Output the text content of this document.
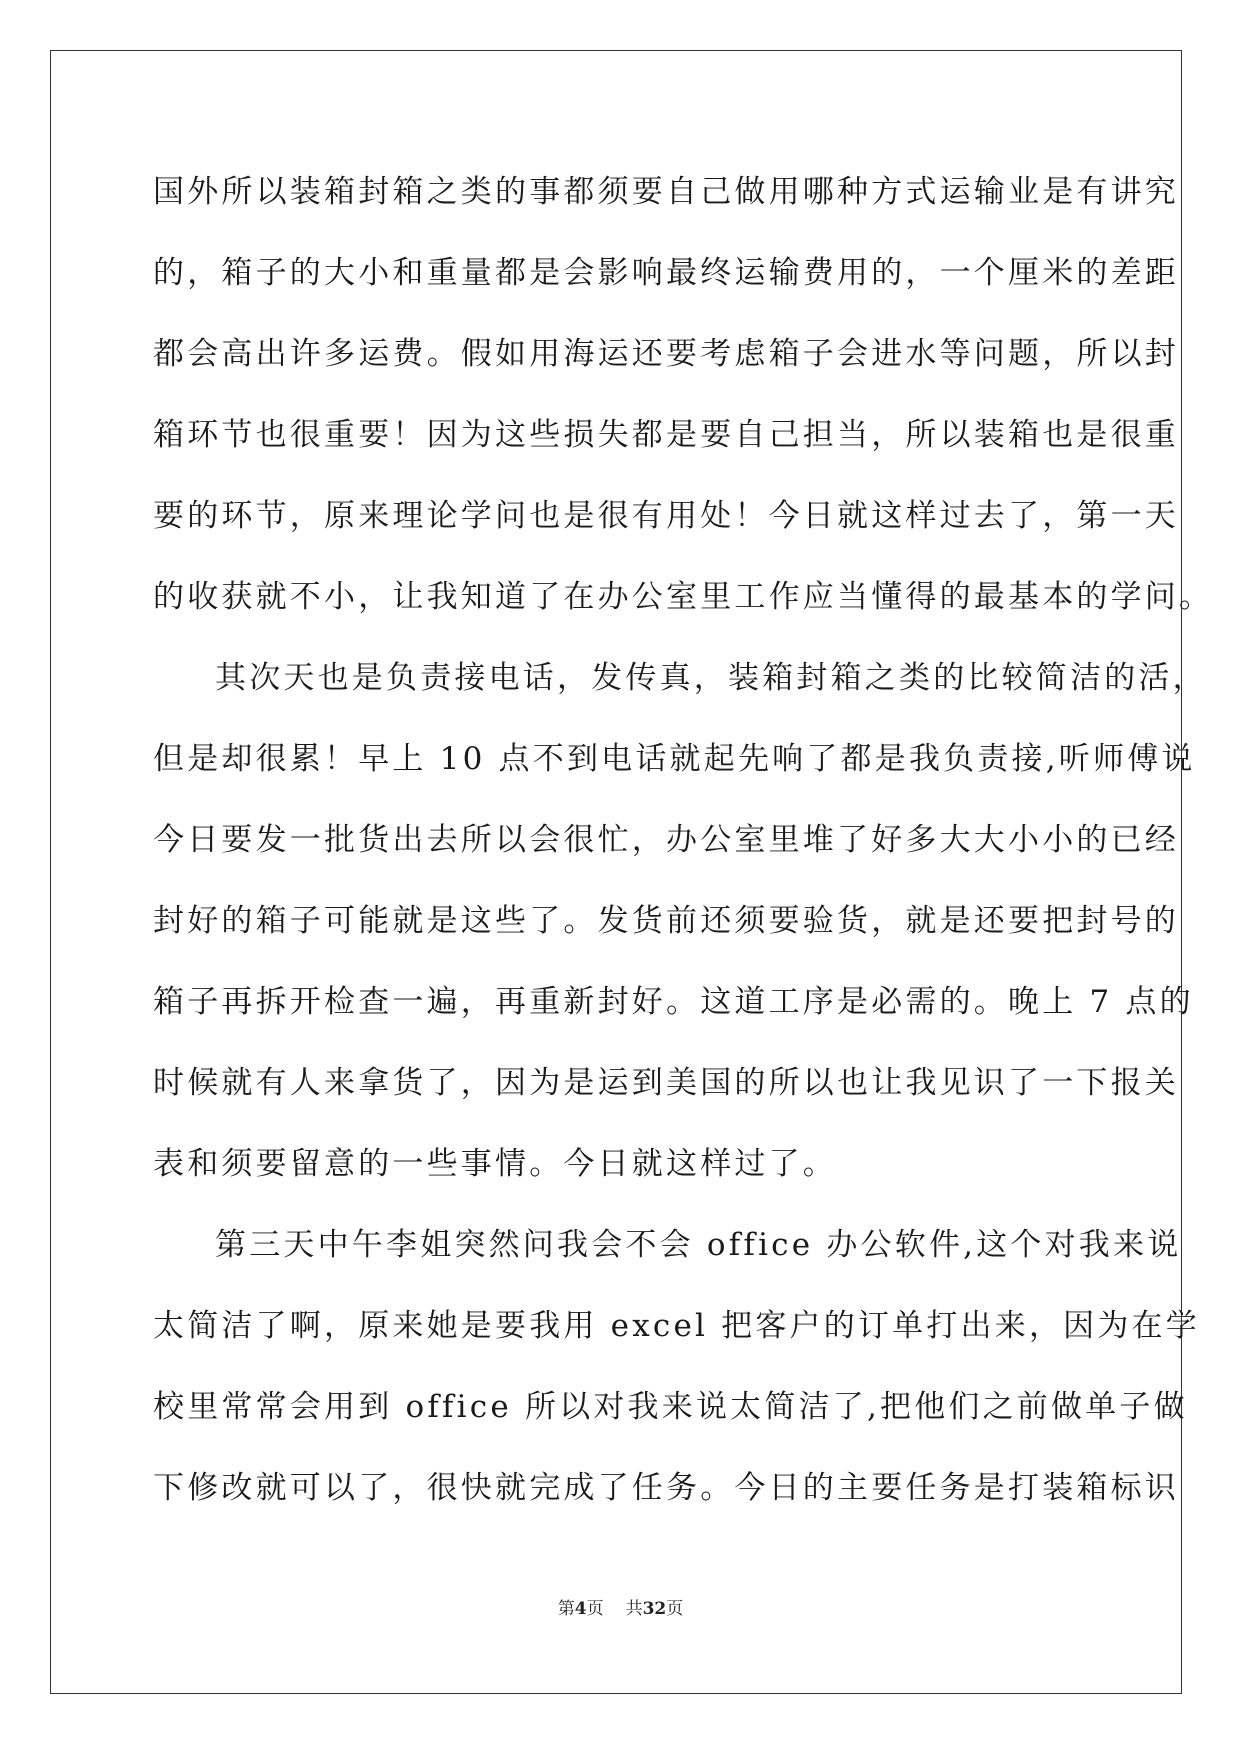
国外所以装箱封箱之类的事都须要自己做用哪种方式运输业是有讲究
的，箱子的大小和重量都是会影响最终运输费用的，一个厘米的差距
都会高出许多运费。假如用海运还要考虑箱子会进水等问题，所以封
箱环节也很重要！因为这些损失都是要自己担当，所以装箱也是很重
要的环节，原来理论学问也是很有用处！今日就这样过去了，第一天
的收获就不小，让我知道了在办公室里工作应当懂得的最基本的学问。
其次天也是负责接电话，发传真，装箱封箱之类的比较简洁的活，
但是却很累！早上 10 点不到电话就起先响了都是我负责接,听师傅说
今日要发一批货出去所以会很忙，办公室里堆了好多大大小小的已经
封好的箱子可能就是这些了。发货前还须要验货，就是还要把封号的
箱子再拆开检查一遍，再重新封好。这道工序是必需的。晚上 7 点的
时候就有人来拿货了，因为是运到美国的所以也让我见识了一下报关
表和须要留意的一些事情。今日就这样过了。
第三天中午李姐突然问我会不会 office 办公软件,这个对我来说
太简洁了啊，原来她是要我用 excel 把客户的订单打出来，因为在学
校里常常会用到 office 所以对我来说太简洁了,把他们之前做单子做
下修改就可以了，很快就完成了任务。今日的主要任务是打装箱标识
第4页 共32页
